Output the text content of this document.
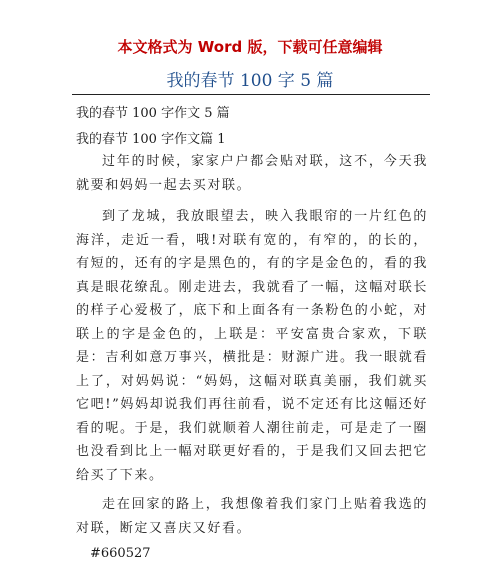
本文格式为 Word 版，下载可任意编辑
我的春节 100 字 5 篇
我的春节 100 字作文 5 篇
我的春节 100 字作文篇 1

过年的时候，家家户户都会贴对联，这不，今天我就要和妈妈一起去买对联。

到了龙城，我放眼望去，映入我眼帘的一片红色的海洋，走近一看，哦!对联有宽的，有窄的，的长的，有短的，还有的字是黑色的，有的字是金色的，看的我真是眼花缭乱。刚走进去，我就看了一幅，这幅对联长的样子心爱极了，底下和上面各有一条粉色的小蛇，对联上的字是金色的，上联是：平安富贵合家欢，下联是：吉利如意万事兴，横批是：财源广进。我一眼就看上了，对妈妈说：“妈妈，这幅对联真美丽，我们就买它吧!”妈妈却说我们再往前看，说不定还有比这幅还好看的呢。于是，我们就顺着人潮往前走，可是走了一圈也没看到比上一幅对联更好看的，于是我们又回去把它给买了下来。

走在回家的路上，我想像着我们家门上贴着我选的对联，断定又喜庆又好看。

#660527
